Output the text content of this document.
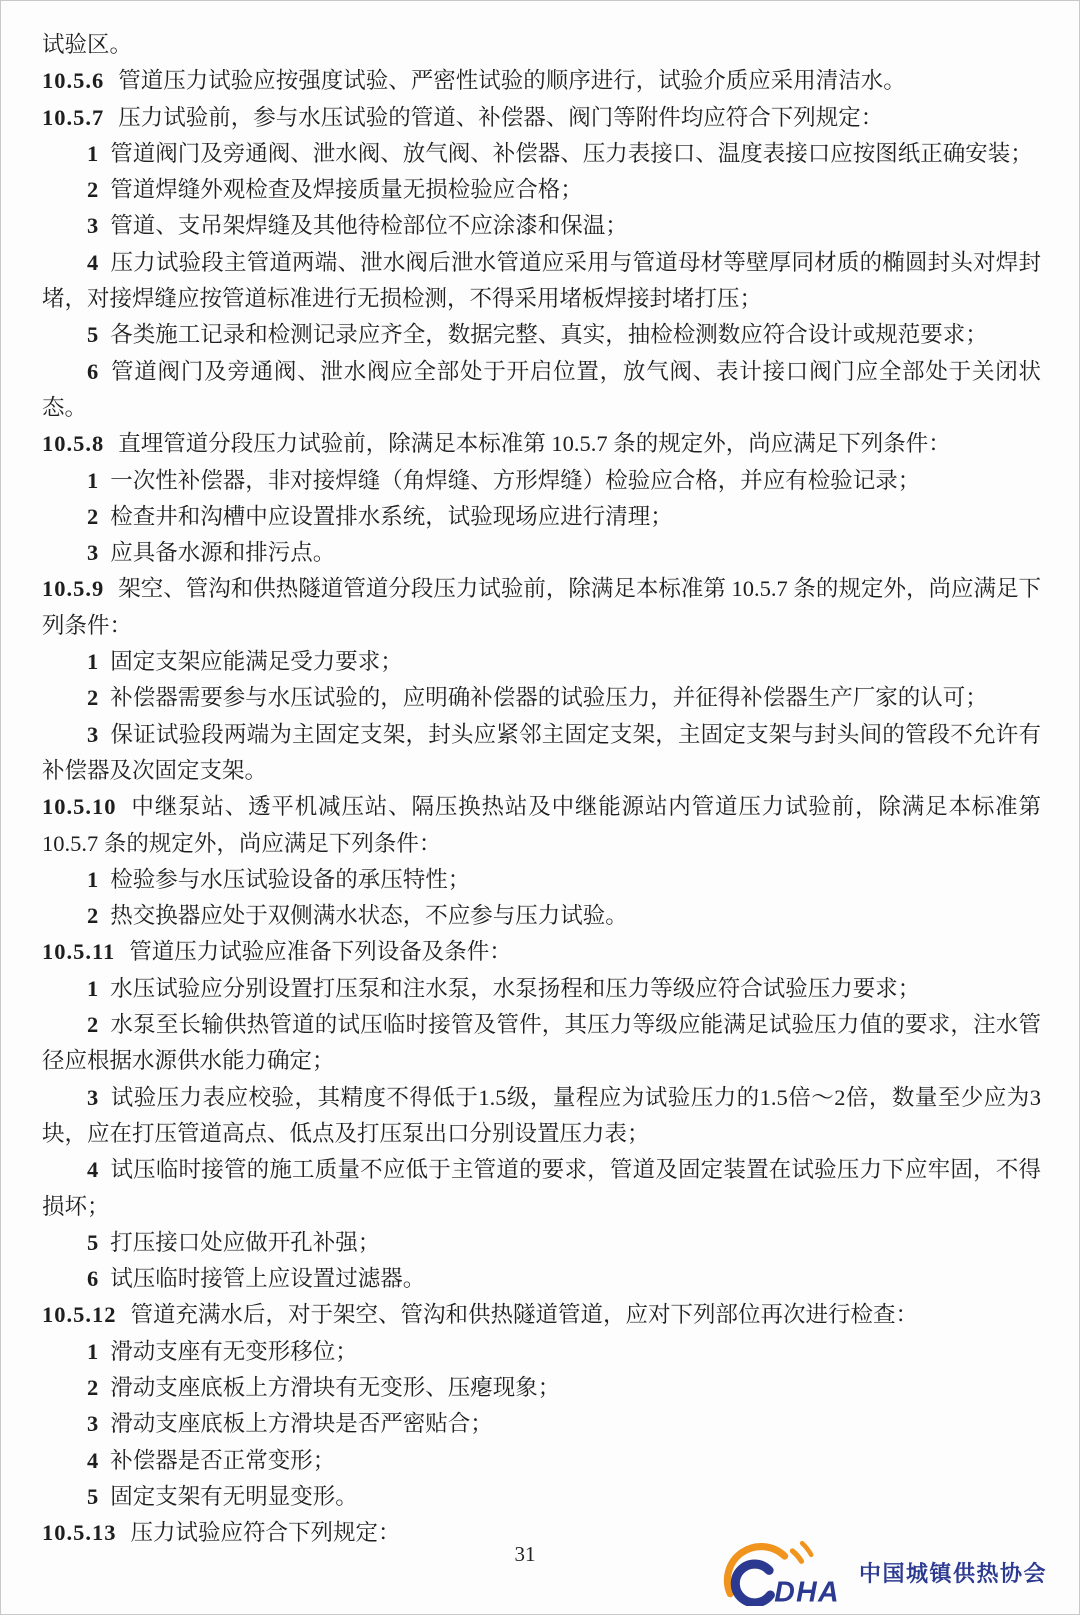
试验区。

10.5.6 管道压力试验应按强度试验、严密性试验的顺序进行，试验介质应采用清洁水。

10.5.7 压力试验前，参与水压试验的管道、补偿器、阀门等附件均应符合下列规定：

1 管道阀门及旁通阀、泄水阀、放气阀、补偿器、压力表接口、温度表接口应按图纸正确安装；

2 管道焊缝外观检查及焊接质量无损检验应合格；

3 管道、支吊架焊缝及其他待检部位不应涂漆和保温；

4 压力试验段主管道两端、泄水阀后泄水管道应采用与管道母材等壁厚同材质的椭圆封头对焊封堵，对接焊缝应按管道标准进行无损检测，不得采用堵板焊接封堵打压；

5 各类施工记录和检测记录应齐全，数据完整、真实，抽检检测数应符合设计或规范要求；

6 管道阀门及旁通阀、泄水阀应全部处于开启位置，放气阀、表计接口阀门应全部处于关闭状态。

10.5.8 直埋管道分段压力试验前，除满足本标准第 10.5.7 条的规定外，尚应满足下列条件：

1 一次性补偿器，非对接焊缝（角焊缝、方形焊缝）检验应合格，并应有检验记录；

2 检查井和沟槽中应设置排水系统，试验现场应进行清理；

3 应具备水源和排污点。

10.5.9 架空、管沟和供热隧道管道分段压力试验前，除满足本标准第 10.5.7 条的规定外，尚应满足下列条件：

1 固定支架应能满足受力要求；

2 补偿器需要参与水压试验的，应明确补偿器的试验压力，并征得补偿器生产厂家的认可；

3 保证试验段两端为主固定支架，封头应紧邻主固定支架，主固定支架与封头间的管段不允许有补偿器及次固定支架。

10.5.10 中继泵站、透平机减压站、隔压换热站及中继能源站内管道压力试验前，除满足本标准第 10.5.7 条的规定外，尚应满足下列条件：

1 检验参与水压试验设备的承压特性；

2 热交换器应处于双侧满水状态，不应参与压力试验。

10.5.11 管道压力试验应准备下列设备及条件：

1 水压试验应分别设置打压泵和注水泵，水泵扬程和压力等级应符合试验压力要求；

2 水泵至长输供热管道的试压临时接管及管件，其压力等级应能满足试验压力值的要求，注水管径应根据水源供水能力确定；

3 试验压力表应校验，其精度不得低于1.5级，量程应为试验压力的1.5倍～2倍，数量至少应为3块，应在打压管道高点、低点及打压泵出口分别设置压力表；

4 试压临时接管的施工质量不应低于主管道的要求，管道及固定装置在试验压力下应牢固，不得损坏；

5 打压接口处应做开孔补强；

6 试压临时接管上应设置过滤器。

10.5.12 管道充满水后，对于架空、管沟和供热隧道管道，应对下列部位再次进行检查：

1 滑动支座有无变形移位；

2 滑动支座底板上方滑块有无变形、压瘪现象；

3 滑动支座底板上方滑块是否严密贴合；

4 补偿器是否正常变形；

5 固定支架有无明显变形。

10.5.13 压力试验应符合下列规定：

31
DHA
中国城镇供热协会
